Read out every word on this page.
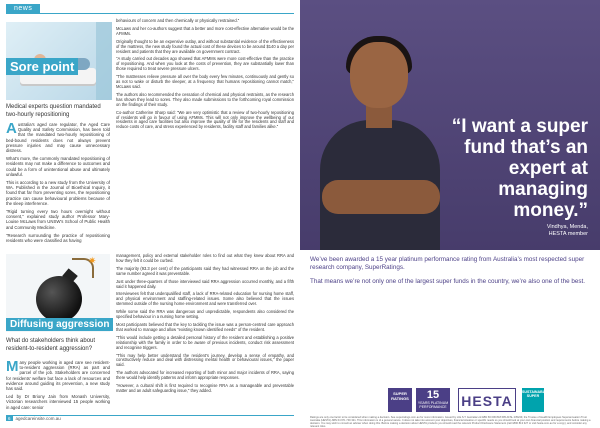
news
Sore point
Medical experts question mandated two-hourly repositioning

Australia's aged care regulator, the Aged Care Quality and Safety Commission, has been told that the mandated two-hourly repositioning of bed-bound residents does not always prevent pressure injuries and may cause unnecessary distress.

What's more, the commonly mandated repositioning of residents may not make a difference to outcomes and could be a form of unintentional abuse and ultimately unlawful.

This is according to a new study from the University of WA. Published in the Journal of Bioethical Inquiry, it found that far from preventing sores, the repositioning practice can cause behavioural problems because of the sleep interference.

"Rigid turning every two hours overnight without consent," explained study author Professor Mary-Louise McLaws from UNSW's School of Public Health and Community Medicine.

"Research surrounding the practice of repositioning residents who were classified as having

behaviours of concern and then chemically or physically restrained."

McLaws and her co-authors suggest that a better and more cost-effective alternative would be the AFMMs.

Originally thought to be an expensive outlay, and without substantial evidence of the effectiveness of the mattress, the new study found the actual cost of these devices to be around $140 a day per resident and patients that they are available on government contract.

"A study carried out decades ago showed that AFMMs were more cost-effective than the practice of repositioning. And when you look at the costs of prevention, they are substantially lower than those required to treat severe pressure ulcers.

"The mattresses relieve pressure all over the body every few minutes, continuously and gently so as not to wake or disturb the sleeper, at a frequency that humans repositioning cannot match," McLaws said.

The authors also recommended the cessation of chemical and physical restraints, as the research has shown they lead to sores. They also made submissions to the forthcoming royal commission on the findings of their study.

Co-author Catherine Sharp said: "We are very optimistic that a review of two-hourly repositioning of residents will go in favour of using AFMMs. This will not only improve the wellbeing of our residents in aged care facilities but also improve the quality of life for the residents and staff and reduce costs of care, and stress experienced by residents, facility staff and families alike."

✷
Diffusing aggression
What do stakeholders think about resident-to-resident aggression?

Many people working in aged care see resident-to-resident aggression (RRA) as part and parcel of the job. Stakeholders are concerned for residents' welfare but face a lack of resources and evidence around guiding its prevention, a new study has said.

Led by Dr Briony Jain from Monash University, Victorian researchers interviewed 15 people working in aged care: senior

management, policy and external stakeholder roles to find out what they knew about RRA and how they felt it could be curbed.

The majority (93.3 per cent) of the participants said they had witnessed RRA on the job and the same number agreed it was preventable.

Just under three-quarters of those interviewed said RRA aggression occurred monthly, and a fifth said it happened daily.

Interviewees felt that underqualified staff, a lack of RRA-related education for nursing home staff, and physical environment and staffing-related issues. Some also believed that the issues stemmed outside of the nursing home environment and were transferred over.

While some said the RRA was dangerous and unpredictable, respondents also considered the specified behaviour in a nursing home setting.

Most participants believed that the key to tackling the issue was a person-centred care approach that worked to manage and allow "existing known identified needs" of the resident.

"This would include getting a detailed personal history of the resident and establishing a positive relationship with the family in order to be aware of previous incidents, conduct risk assessment and recognise triggers.

"This may help better understand the resident's journey, develop a sense of empathy, and constructively reduce and deal with distressing mental health or behavioural issues," the paper said.

The authors advocated for increased reporting of both minor and major incidents of RRA, saying there would help identify patterns and inform appropriate responses.

"However, a cultural shift is first required to recognise RRA as a manageable and preventable matter and an adult safeguarding issue," they added.

6 agedcareinsite.com.au
“I want a super fund that’s an expert at managing money.”
Vindhya, Menda,
HESTA member
We’ve been awarded a 15 year platinum performance rating from Australia’s most respected super research company, SuperRatings.
That means we’re not only one of the largest super funds in the country, we’re also one of the best.
SUPER RATINGS	15
YEARS PLATINUM PERFORMANCE HESTA
SUSTAINABLE SUPER
Ratings are only one factor to be considered when making a decision. See superratings.com.au for more information. Issued by H.E.S.T. Australia Ltd ABN 66 006 818 695 AFSL 235249, the Trustee of Health Employees Superannuation Trust Australia (HESTA) ABN 64 971 749 321. This information is of a general nature. It does not take into account your objectives, financial situation or specific needs so you should look at your own financial position and requirements before making a decision. You may wish to consult an adviser when doing this. Before making a decision about HESTA products you should read the relevant Product Disclosure Statement (call 1800 813 327 or visit hesta.com.au for a copy), and consider any relevant risks.
